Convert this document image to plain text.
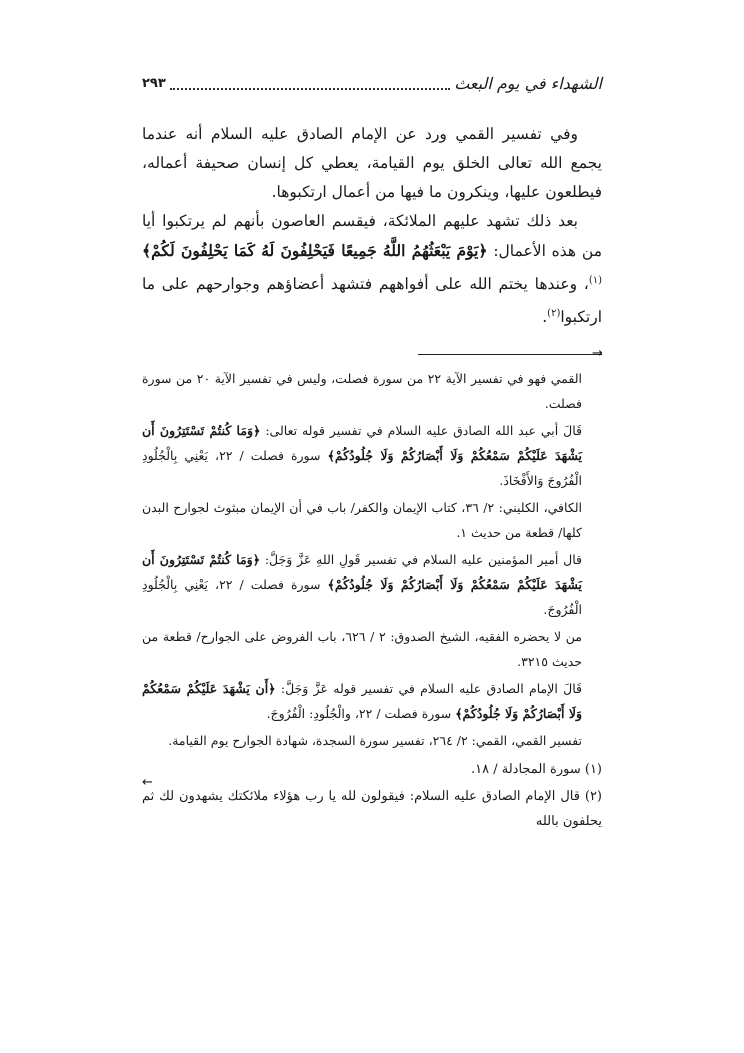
الشهداء في يوم البعث
٢٩٣

وفي تفسير القمي ورد عن الإمام الصادق عليه السلام أنه عندما يجمع الله تعالى الخلق يوم القيامة، يعطي كل إنسان صحيفة أعماله، فيطلعون عليها، وينكرون ما فيها من أعمال ارتكبوها.

بعد ذلك تشهد عليهم الملائكة، فيقسم العاصون بأنهم لم يرتكبوا أيا من هذه الأعمال: ﴿يَوْمَ يَبْعَثُهُمُ اللَّهُ جَمِيعًا فَيَحْلِفُونَ لَهُ كَمَا يَحْلِفُونَ لَكُمْ﴾$^{(١)}$، وعندها يختم الله على أفواههم فتشهد أعضاؤهم وجوارحهم على ما ارتكبوا$^{(٢)}$.

→

القمي فهو في تفسير الآية ٢٢ من سورة فصلت، وليس في تفسير الآية ٢٠ من سورة فصلت.

قَالَ أبي عبد الله الصادق عليه السلام في تفسير قوله تعالى: ﴿وَمَا كُنتُمْ تَسْتَتِرُونَ أَن يَشْهَدَ عَلَيْكُمْ سَمْعُكُمْ وَلَا أَبْصَارُكُمْ وَلَا جُلُودُكُمْ﴾ سورة فصلت / ٢٢، يَعْنِي بِالْجُلُودِ الْفُرُوجَ وَالأَفْخَاذَ.

الكافي، الكليني: ٢/ ٣٦، كتاب الإيمان والكفر/ باب في أن الإيمان مبثوث لجوارح البدن كلها/ قطعة من حديث ١.

قال أمير المؤمنين عليه السلام في تفسير قَولِ اللهِ عَزَّ وَجَلَّ: ﴿وَمَا كُنتُمْ تَسْتَتِرُونَ أَن يَشْهَدَ عَلَيْكُمْ سَمْعُكُمْ وَلَا أَبْصَارُكُمْ وَلَا جُلُودُكُمْ﴾ سورة فصلت / ٢٢، يَعْنِي بِالْجُلُودِ الْفُرُوجَ.

من لا يحضره الفقيه، الشيخ الصدوق: ٢ / ٦٢٦، باب الفروض على الجوارح/ قطعة من حديث ٣٢١٥.

قَالَ الإمام الصادق عليه السلام في تفسير قوله عَزَّ وَجَلَّ: ﴿أَن يَشْهَدَ عَلَيْكُمْ سَمْعُكُمْ وَلَا أَبْصَارُكُمْ وَلَا جُلُودُكُمْ﴾ سورة فصلت / ٢٢، والْجُلُودِ: الْفُرُوجَ.

تفسير القمي، القمي: ٢/ ٢٦٤، تفسير سورة السجدة، شهادة الجوارح يوم القيامة.

(١) سورة المجادلة / ١٨.

(٢) قال الإمام الصادق عليه السلام: فيقولون لله يا رب هؤلاء ملائكتك يشهدون لك ثم يحلفون بالله

←
